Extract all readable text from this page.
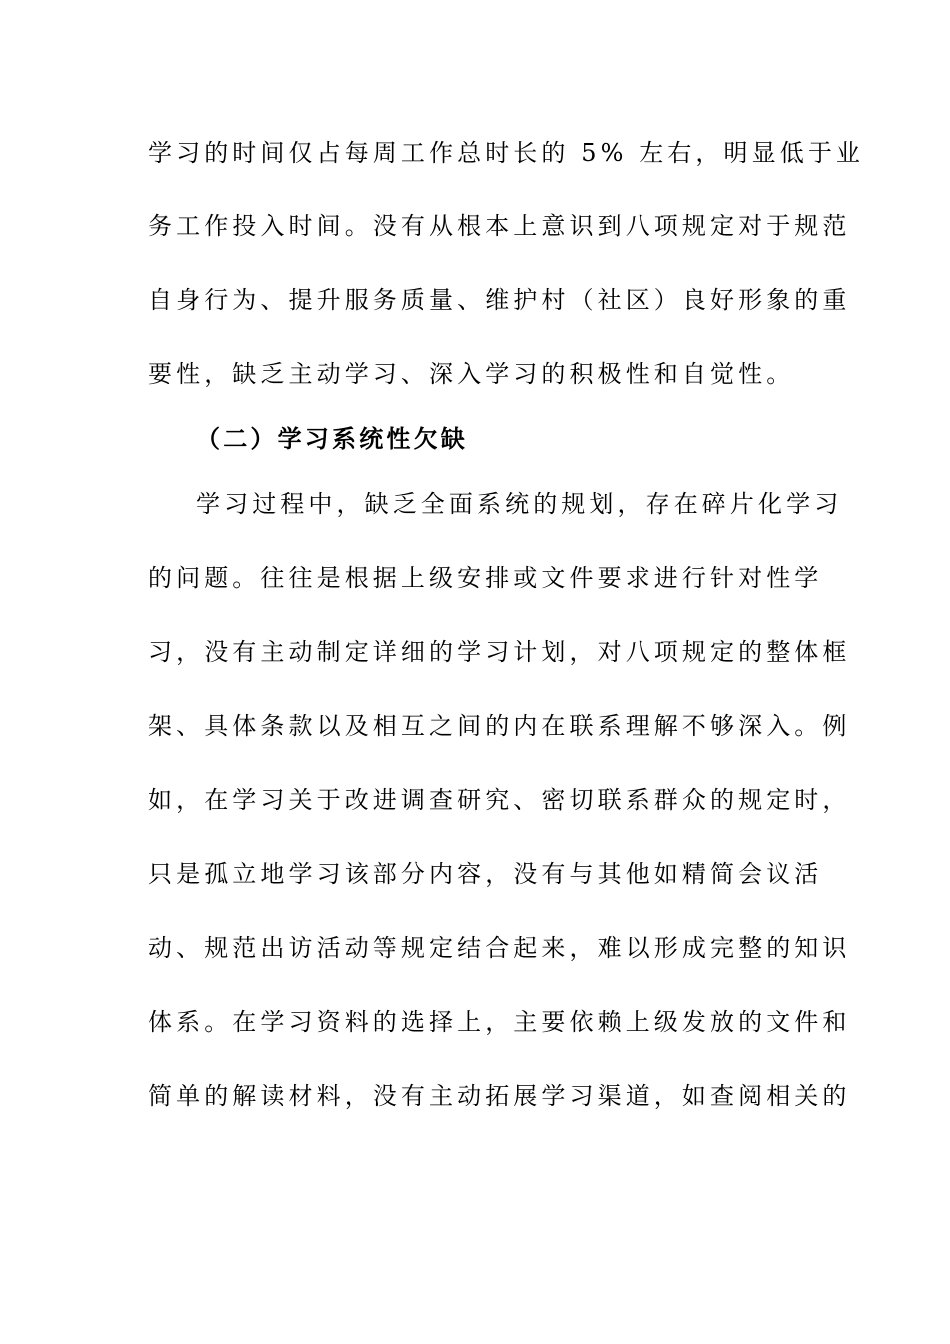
学习的时间仅占每周工作总时长的 5% 左右，明显低于业
务工作投入时间。没有从根本上意识到八项规定对于规范
自身行为、提升服务质量、维护村（社区）良好形象的重
要性，缺乏主动学习、深入学习的积极性和自觉性。
（二）学习系统性欠缺
学习过程中，缺乏全面系统的规划，存在碎片化学习
的问题。往往是根据上级安排或文件要求进行针对性学
习，没有主动制定详细的学习计划，对八项规定的整体框
架、具体条款以及相互之间的内在联系理解不够深入。例
如，在学习关于改进调查研究、密切联系群众的规定时，
只是孤立地学习该部分内容，没有与其他如精简会议活
动、规范出访活动等规定结合起来，难以形成完整的知识
体系。在学习资料的选择上，主要依赖上级发放的文件和
简单的解读材料，没有主动拓展学习渠道，如查阅相关的
